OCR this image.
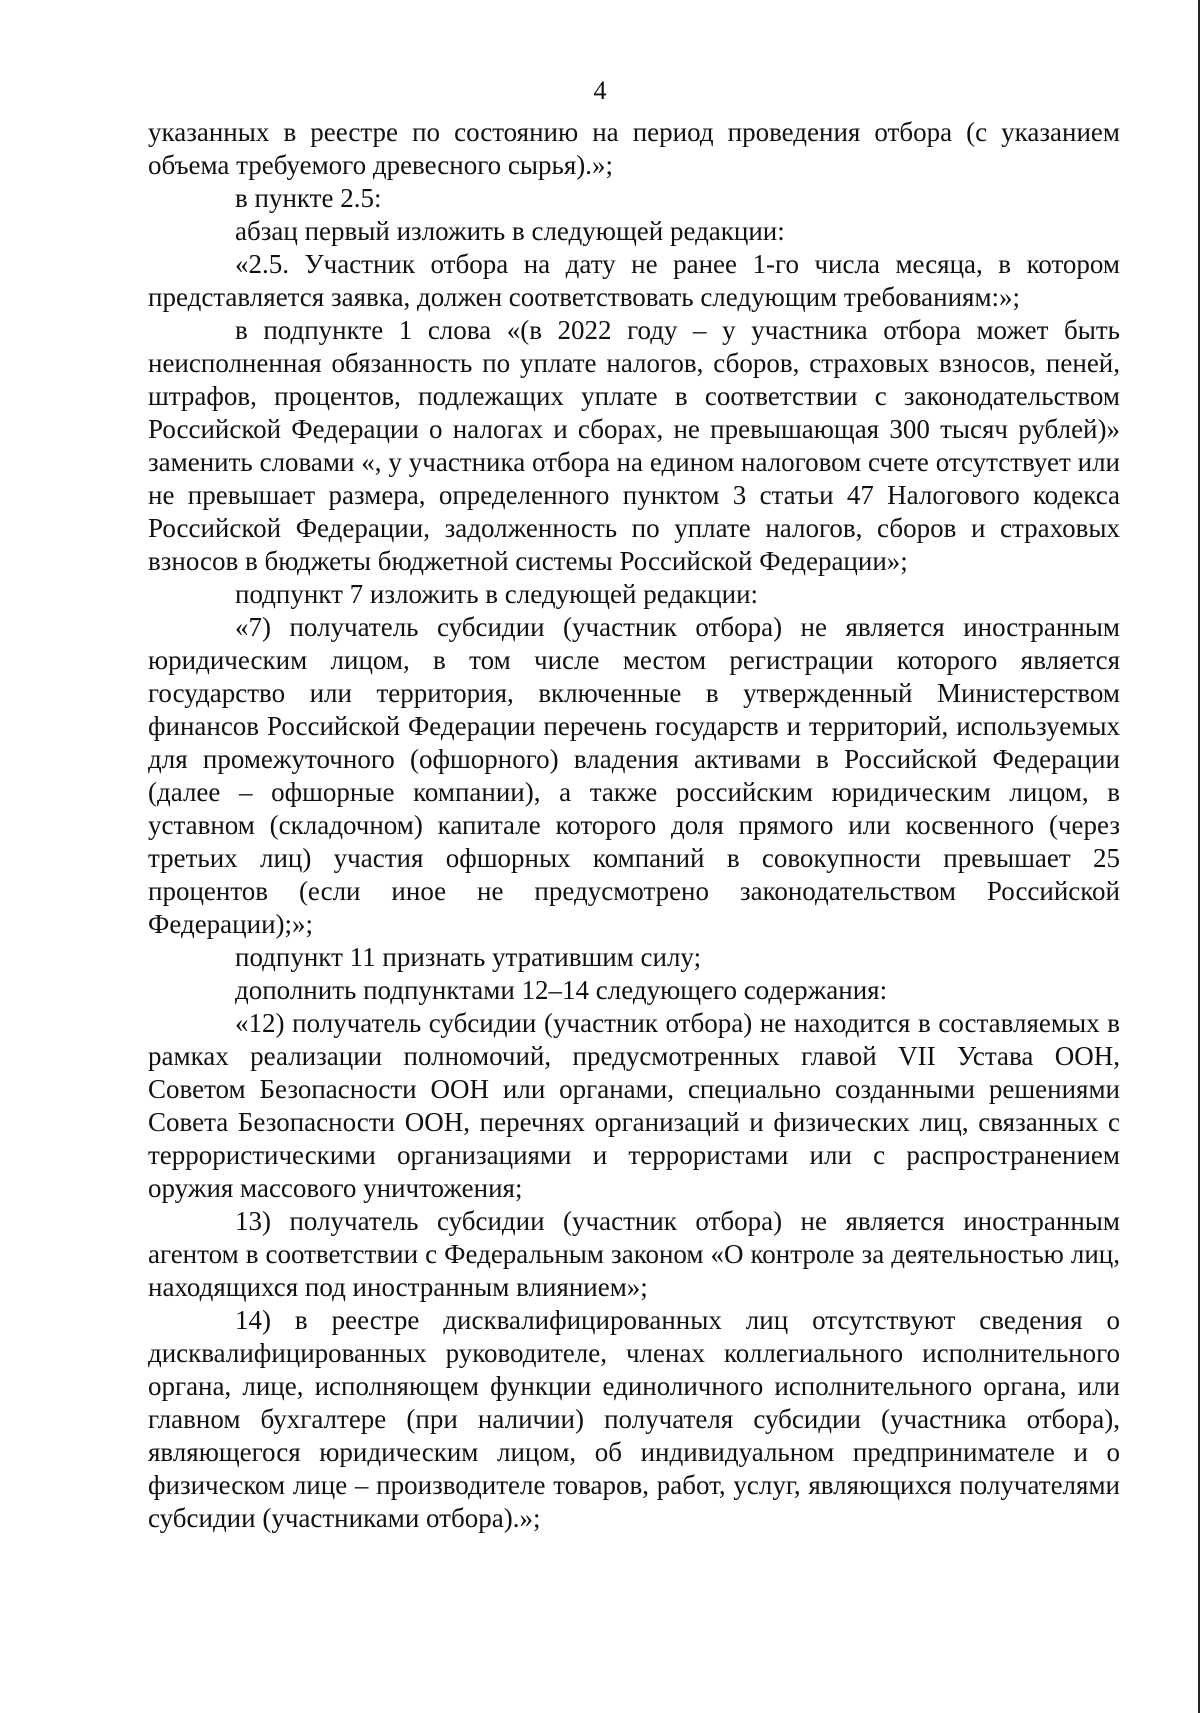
4

указанных в реестре по состоянию на период проведения отбора (с указанием объема требуемого древесного сырья).»;

в пункте 2.5:

абзац первый изложить в следующей редакции:

«2.5. Участник отбора на дату не ранее 1-го числа месяца, в котором представляется заявка, должен соответствовать следующим требованиям:»;

в подпункте 1 слова «(в 2022 году – у участника отбора может быть неисполненная обязанность по уплате налогов, сборов, страховых взносов, пеней, штрафов, процентов, подлежащих уплате в соответствии с законодательством Российской Федерации о налогах и сборах, не превышающая 300 тысяч рублей)» заменить словами «, у участника отбора на едином налоговом счете отсутствует или не превышает размера, определенного пунктом 3 статьи 47 Налогового кодекса Российской Федерации, задолженность по уплате налогов, сборов и страховых взносов в бюджеты бюджетной системы Российской Федерации»;

подпункт 7 изложить в следующей редакции:

«7) получатель субсидии (участник отбора) не является иностранным юридическим лицом, в том числе местом регистрации которого является государство или территория, включенные в утвержденный Министерством финансов Российской Федерации перечень государств и территорий, используемых для промежуточного (офшорного) владения активами в Российской Федерации (далее – офшорные компании), а также российским юридическим лицом, в уставном (складочном) капитале которого доля прямого или косвенного (через третьих лиц) участия офшорных компаний в совокупности превышает 25 процентов (если иное не предусмотрено законодательством Российской Федерации);»;

подпункт 11 признать утратившим силу;

дополнить подпунктами 12–14 следующего содержания:

«12) получатель субсидии (участник отбора) не находится в составляемых в рамках реализации полномочий, предусмотренных главой VII Устава ООН, Советом Безопасности ООН или органами, специально созданными решениями Совета Безопасности ООН, перечнях организаций и физических лиц, связанных с террористическими организациями и террористами или с распространением оружия массового уничтожения;

13) получатель субсидии (участник отбора) не является иностранным агентом в соответствии с Федеральным законом «О контроле за деятельностью лиц, находящихся под иностранным влиянием»;

14) в реестре дисквалифицированных лиц отсутствуют сведения о дисквалифицированных руководителе, членах коллегиального исполнительного органа, лице, исполняющем функции единоличного исполнительного органа, или главном бухгалтере (при наличии) получателя субсидии (участника отбора), являющегося юридическим лицом, об индивидуальном предпринимателе и о физическом лице – производителе товаров, работ, услуг, являющихся получателями субсидии (участниками отбора).»;
